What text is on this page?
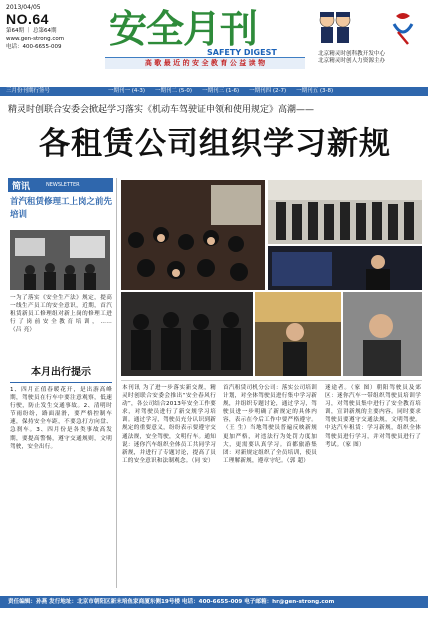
2013/04/05
NO.64
第64期 ｜ 总第64期
www.gen-strong.com
电话：400-6655-009	安全月刊
SAFETY DIGEST
高 歌 最 近 的 安 全 教 育 公 益 读 物
北京精灵时创科教开发中心
北京精灵时创人力资源主办
三月份刊期行签号	一期刊一 (4-3) 一期刊二 (5-0) 一期刊三 (1-6) 一期刊四 (2-7) 一期刊五 (3-8)
精灵时创联合安委会掀起学习落实《机动车驾驶证申领和使用规定》高潮——
各租赁公司组织学习新规
简讯	NEWSLETTER
首汽租赁修理工上岗之前先培训
一为了落实《安全生产法》规定，提高一线生产员工的安全意识，近期，首汽租赁新员工修理组对新上岗的修理工进行了岗前安全教育培训，…… （吕 亮）
本月出行提示
1、四月正值春暖花开，是出游高峰期，驾驶员在行车中要注意观察，低速行驶，防止发生交通事故。2、清明时节雨纷纷，路面湿滑，要严格控制车速，保持安全车距，不要急打方向盘、急刹车。3、四月份是各类事故高发期，要提高警惕，遵守交通规则，文明驾驶，安全出行。
本刊讯 为了进一步落实新交规，精灵时创联合安委会推出“安全春风行动”，各公司结合2013年安全工作要求，对驾驶员进行了新交规学习培训。通过学习，驾驶员充分认识到新规定的重要意义，纷纷表示要遵守交通法规，安全驾驶，文明行车。通知说：迷你汽车组织全体员工共同学习新规，并进行了专题讨论，提高了员工的安全意识和法制观念。（同 安）
首汽租赁司机分公司：落实公司培训计划，对全体驾驶员进行集中学习新规，并组织专题讨论，通过学习，驾驶员进一步明确了新规定的具体内容，表示在今后工作中要严格遵守。（王 生）当地驾驶员普遍反映新规更加严格，对违法行为处罚力度加大，更需要认真学习。首都旅游集团：对新规定组织了全员培训，使员工理解新规，遵章守纪。（郭 超）
迷途者。（家 图）朝阳驾驶员及郊区：迷你汽车一带组织驾驶员培训学习，对驾驶员集中进行了安全教育培训，宣讲新规的主要内容。同时要求驾驶员要遵守交通法规，文明驾驶。中达汽车租赁：学习新规，组织全体驾驶员进行学习，并对驾驶员进行了考试。（家 图）
责任编辑：孙燕 发行地址：北京市朝阳区新末培鱼家商厦东侧19号楼 电话：400-6655-009 电子邮箱：hr@gen-strong.com
